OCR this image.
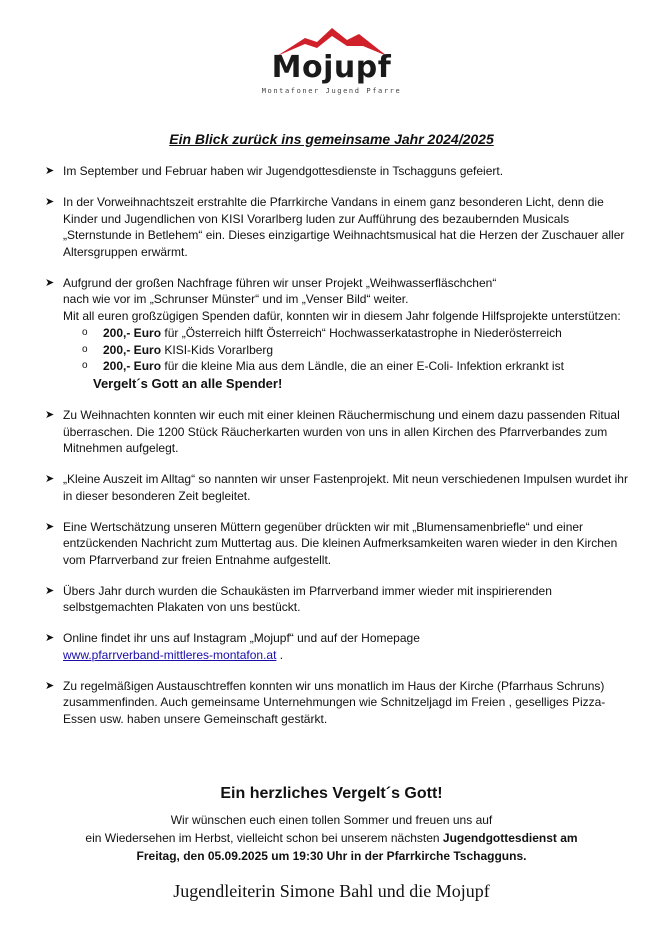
Mojupf
Montafoner Jugend Pfarre
Ein Blick zurück ins gemeinsame Jahr 2024/2025
➤ Im September und Februar haben wir Jugendgottesdienste in Tschagguns gefeiert.
➤ In der Vorweihnachtszeit erstrahlte die Pfarrkirche Vandans in einem ganz besonderen Licht, denn die Kinder und Jugendlichen von KISI Vorarlberg luden zur Aufführung des bezaubernden Musicals „Sternstunde in Betlehem“ ein. Dieses einzigartige Weihnachtsmusical hat die Herzen der Zuschauer aller Altersgruppen erwärmt.
➤ Aufgrund der großen Nachfrage führen wir unser Projekt „Weihwasserfläschchen“
nach wie vor im „Schrunser Münster“ und im „Venser Bild“ weiter.
Mit all euren großzügigen Spenden dafür, konnten wir in diesem Jahr folgende Hilfsprojekte unterstützen:
o 200,- Euro für „Österreich hilft Österreich“ Hochwasserkatastrophe in Niederösterreich
o 200,- Euro KISI-Kids Vorarlberg
o 200,- Euro für die kleine Mia aus dem Ländle, die an einer E-Coli- Infektion erkrankt ist
Vergelt´s Gott an alle Spender!
➤ Zu Weihnachten konnten wir euch mit einer kleinen Räuchermischung und einem dazu passenden Ritual überraschen. Die 1200 Stück Räucherkarten wurden von uns in allen Kirchen des Pfarrverbandes zum Mitnehmen aufgelegt.
➤ „Kleine Auszeit im Alltag“ so nannten wir unser Fastenprojekt. Mit neun verschiedenen Impulsen wurdet ihr in dieser besonderen Zeit begleitet.
➤ Eine Wertschätzung unseren Müttern gegenüber drückten wir mit „Blumensamenbriefle“ und einer entzückenden Nachricht zum Muttertag aus. Die kleinen Aufmerksamkeiten waren wieder in den Kirchen vom Pfarrverband zur freien Entnahme aufgestellt.
➤ Übers Jahr durch wurden die Schaukästen im Pfarrverband immer wieder mit inspirierenden selbstgemachten Plakaten von uns bestückt.
➤ Online findet ihr uns auf Instagram „Mojupf“ und auf der Homepage
www.pfarrverband-mittleres-montafon.at .
➤ Zu regelmäßigen Austauschtreffen konnten wir uns monatlich im Haus der Kirche (Pfarrhaus Schruns) zusammenfinden. Auch gemeinsame Unternehmungen wie Schnitzeljagd im Freien , geselliges Pizza-Essen usw. haben unsere Gemeinschaft gestärkt.
Ein herzliches Vergelt´s Gott!
Wir wünschen euch einen tollen Sommer und freuen uns auf
ein Wiedersehen im Herbst, vielleicht schon bei unserem nächsten Jugendgottesdienst am
Freitag, den 05.09.2025 um 19:30 Uhr in der Pfarrkirche Tschagguns.
Jugendleiterin Simone Bahl und die Mojupf
